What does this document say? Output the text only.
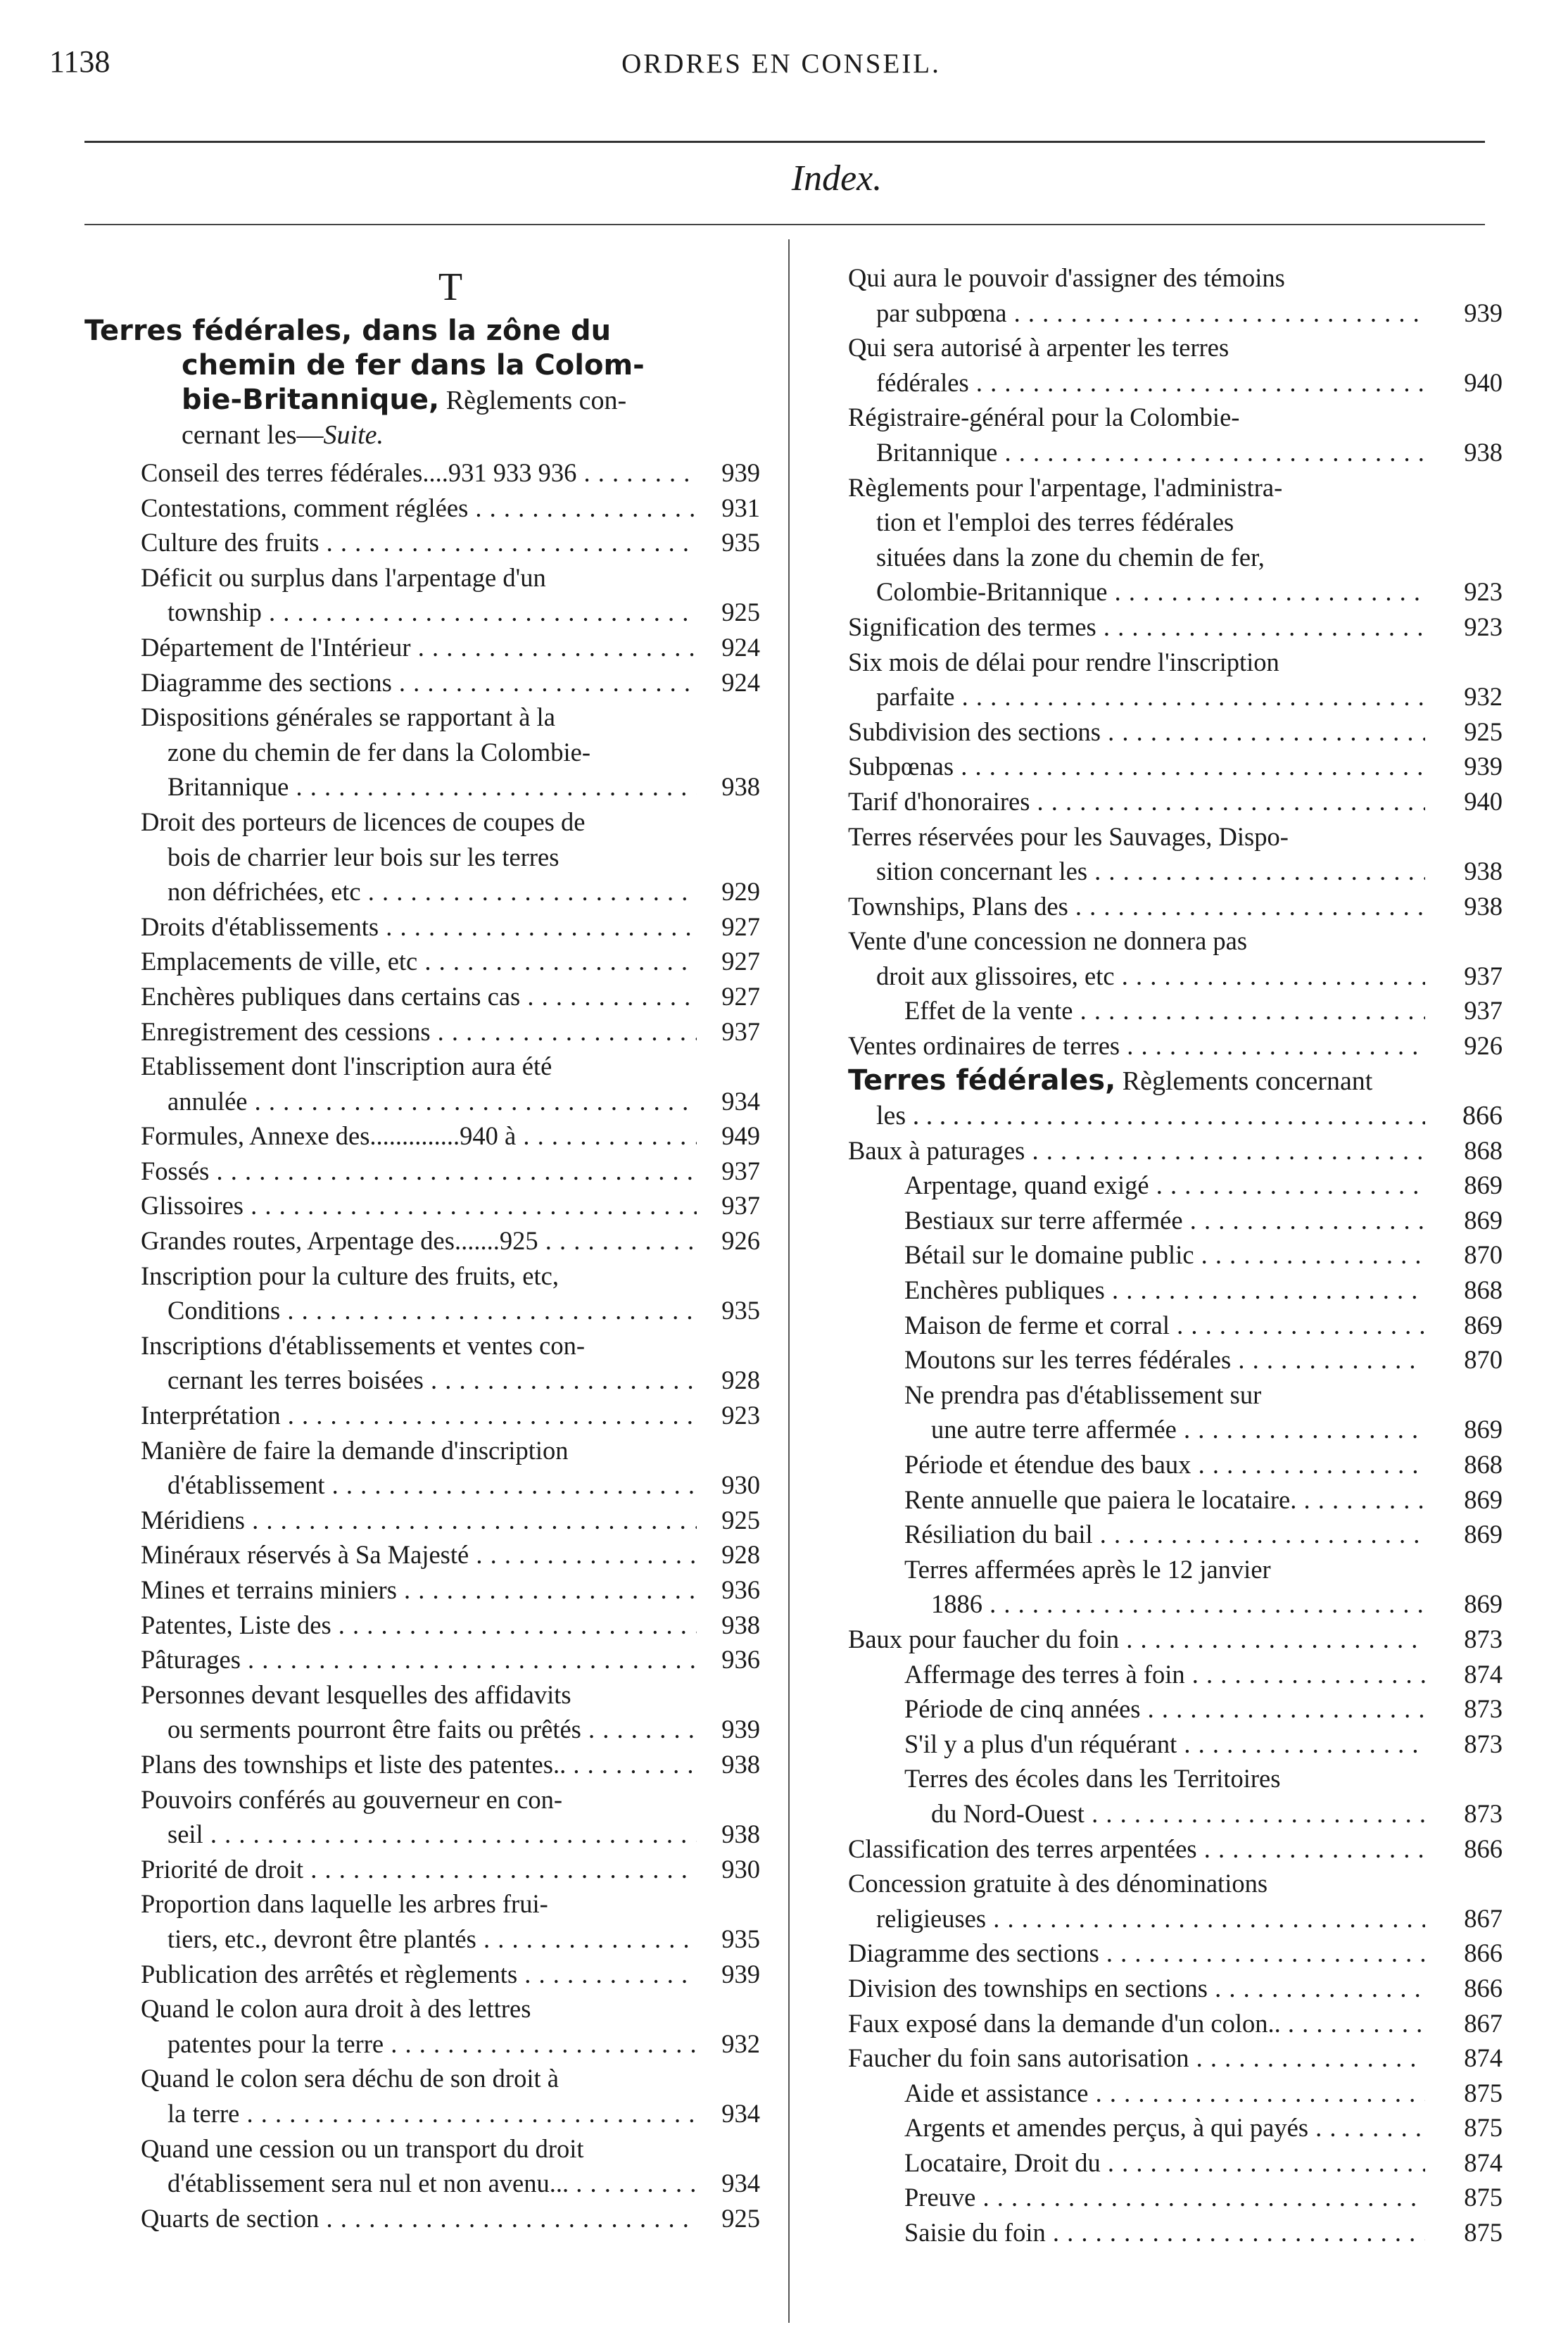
1138	ORDRES EN CONSEIL.
Index.
T
Terres fédérales, dans la zône du
chemin de fer dans la Colom-
bie-Britannique, Règlements con-
cernant les—Suite.
Conseil des terres fédérales....931 933 936 . . .	939
Contestations, comment réglées . . .	931
Culture des fruits . . .	935
Déficit ou surplus dans l'arpentage d'un
township . . .	925
Département de l'Intérieur . . .	924
Diagramme des sections . . .	924
Dispositions générales se rapportant à la
zone du chemin de fer dans la Colombie-
Britannique . . .	938
Droit des porteurs de licences de coupes de
bois de charrier leur bois sur les terres
non défrichées, etc . . .	929
Droits d'établissements . . .	927
Emplacements de ville, etc . . .	927
Enchères publiques dans certains cas . . .	927
Enregistrement des cessions . . .	937
Etablissement dont l'inscription aura été
annulée . . .	934
Formules, Annexe des..............940 à . . .	949
Fossés . . .	937
Glissoires . . .	937
Grandes routes, Arpentage des.......925 . . .	926
Inscription pour la culture des fruits, etc,
Conditions . . .	935
Inscriptions d'établissements et ventes con-
cernant les terres boisées . . .	928
Interprétation . . .	923
Manière de faire la demande d'inscription
d'établissement . . .	930
Méridiens . . .	925
Minéraux réservés à Sa Majesté . . .	928
Mines et terrains miniers . . .	936
Patentes, Liste des . . .	938
Pâturages . . .	936
Personnes devant lesquelles des affidavits
ou serments pourront être faits ou prêtés . . .	939
Plans des townships et liste des patentes.. . . .	938
Pouvoirs conférés au gouverneur en con-
seil . . .	938
Priorité de droit . . .	930
Proportion dans laquelle les arbres frui-
tiers, etc., devront être plantés . . .	935
Publication des arrêtés et règlements . . .	939
Quand le colon aura droit à des lettres
patentes pour la terre . . .	932
Quand le colon sera déchu de son droit à
la terre . . .	934
Quand une cession ou un transport du droit
d'établissement sera nul et non avenu... . . .	934
Quarts de section . . .	925
Qui aura le pouvoir d'assigner des témoins
par subpœna . . .	939
Qui sera autorisé à arpenter les terres
fédérales . . .	940
Régistraire-général pour la Colombie-
Britannique . . .	938
Règlements pour l'arpentage, l'administra-
tion et l'emploi des terres fédérales
situées dans la zone du chemin de fer,
Colombie-Britannique . . .	923
Signification des termes . . .	923
Six mois de délai pour rendre l'inscription
parfaite . . .	932
Subdivision des sections . . .	925
Subpœnas . . .	939
Tarif d'honoraires . . .	940
Terres réservées pour les Sauvages, Dispo-
sition concernant les . . .	938
Townships, Plans des . . .	938
Vente d'une concession ne donnera pas
droit aux glissoires, etc . . .	937
Effet de la vente . . .	937
Ventes ordinaires de terres . . .	926
Terres fédérales, Règlements concernant
les . . .	866
Baux à paturages . . .	868
Arpentage, quand exigé . . .	869
Bestiaux sur terre affermée . . .	869
Bétail sur le domaine public . . .	870
Enchères publiques . . .	868
Maison de ferme et corral . . .	869
Moutons sur les terres fédérales . . .	870
Ne prendra pas d'établissement sur
une autre terre affermée . . .	869
Période et étendue des baux . . .	868
Rente annuelle que paiera le locataire. . . .	869
Résiliation du bail . . .	869
Terres affermées après le 12 janvier
1886 . . .	869
Baux pour faucher du foin . . .	873
Affermage des terres à foin . . .	874
Période de cinq années . . .	873
S'il y a plus d'un réquérant . . .	873
Terres des écoles dans les Territoires
du Nord-Ouest . . .	873
Classification des terres arpentées . . .	866
Concession gratuite à des dénominations
religieuses . . .	867
Diagramme des sections . . .	866
Division des townships en sections . . .	866
Faux exposé dans la demande d'un colon.. . . .	867
Faucher du foin sans autorisation . . .	874
Aide et assistance . . .	875
Argents et amendes perçus, à qui payés . . .	875
Locataire, Droit du . . .	874
Preuve . . .	875
Saisie du foin . . .	875
